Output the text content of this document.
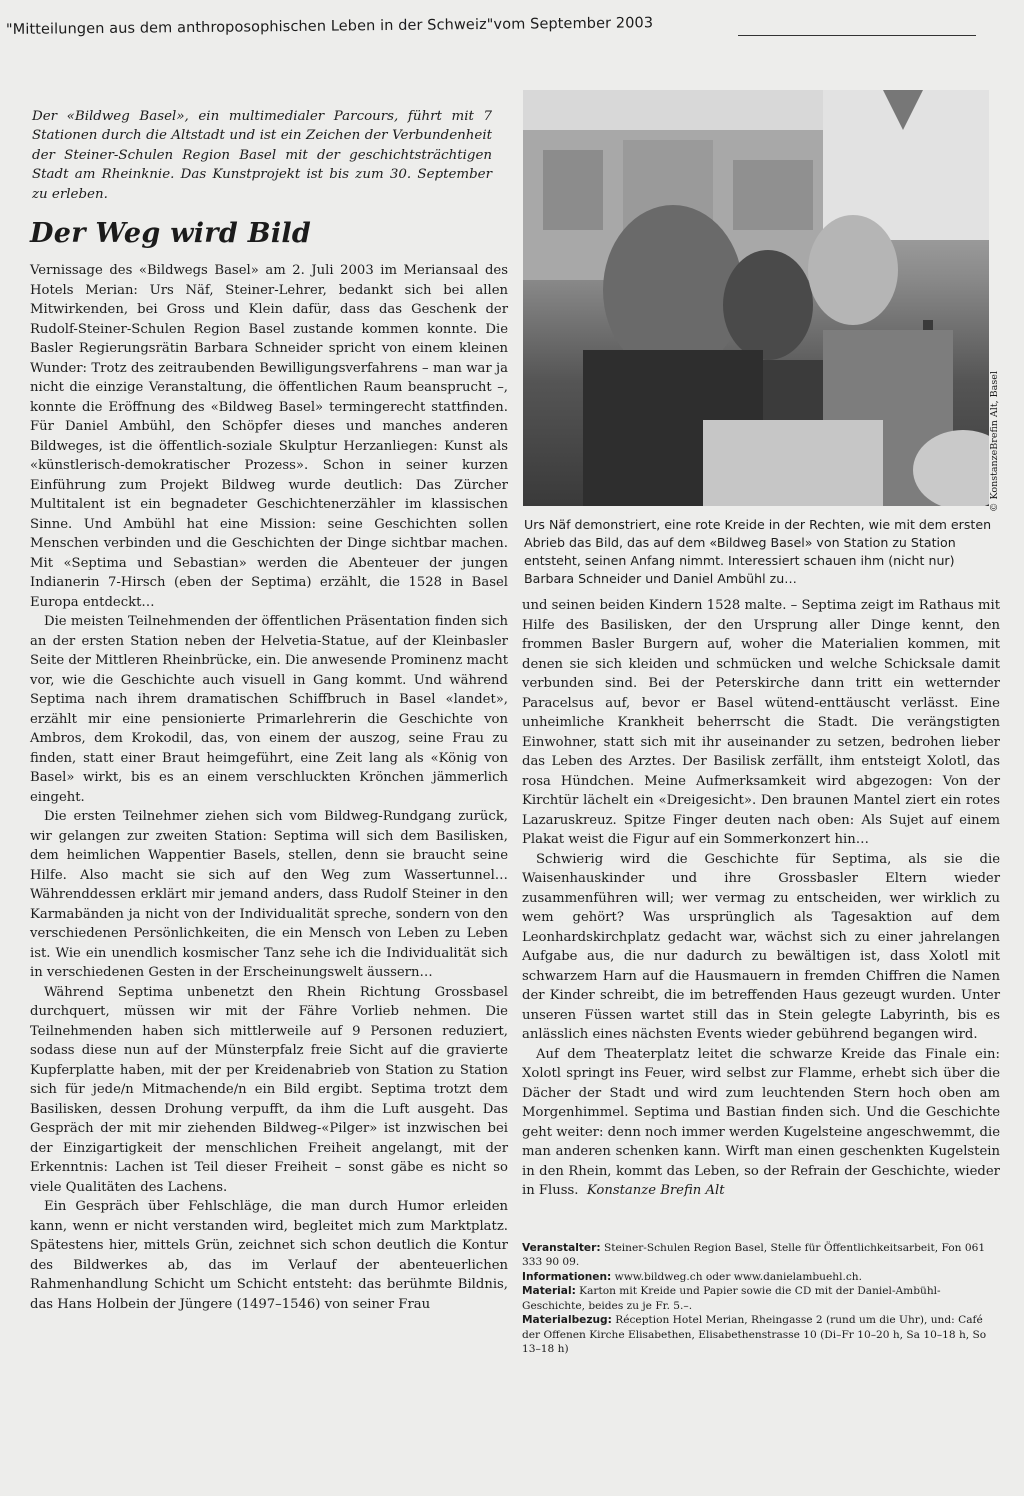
"Mitteilungen aus dem anthroposophischen Leben in der Schweiz"vom September 2003
Der «Bildweg Basel», ein multimedialer Parcours, führt mit 7 Stationen durch die Altstadt und ist ein Zeichen der Verbundenheit der Steiner-Schulen Region Basel mit der geschichtsträchtigen Stadt am Rheinknie. Das Kunstprojekt ist bis zum 30. September zu erleben.
Der Weg wird Bild

Vernissage des «Bildwegs Basel» am 2. Juli 2003 im Meriansaal des Hotels Merian: Urs Näf, Steiner-Lehrer, bedankt sich bei allen Mitwirkenden, bei Gross und Klein dafür, dass das Geschenk der Rudolf-Steiner-Schulen Region Basel zustande kommen konnte. Die Basler Regierungsrätin Barbara Schneider spricht von einem kleinen Wunder: Trotz des zeitraubenden Bewilligungsverfahrens – man war ja nicht die einzige Veranstaltung, die öffentlichen Raum beansprucht –, konnte die Eröffnung des «Bildweg Basel» termingerecht stattfinden. Für Daniel Ambühl, den Schöpfer dieses und manches anderen Bildweges, ist die öffentlich-soziale Skulptur Herzanliegen: Kunst als «künstlerisch-demokratischer Prozess». Schon in seiner kurzen Einführung zum Projekt Bildweg wurde deutlich: Das Zürcher Multitalent ist ein begnadeter Geschichtenerzähler im klassischen Sinne. Und Ambühl hat eine Mission: seine Geschichten sollen Menschen verbinden und die Geschichten der Dinge sichtbar machen. Mit «Septima und Sebastian» werden die Abenteuer der jungen Indianerin 7-Hirsch (eben der Septima) erzählt, die 1528 in Basel Europa entdeckt…

Die meisten Teilnehmenden der öffentlichen Präsentation finden sich an der ersten Station neben der Helvetia-Statue, auf der Kleinbasler Seite der Mittleren Rheinbrücke, ein. Die anwesende Prominenz macht vor, wie die Geschichte auch visuell in Gang kommt. Und während Septima nach ihrem dramatischen Schiffbruch in Basel «landet», erzählt mir eine pensionierte Primarlehrerin die Geschichte von Ambros, dem Krokodil, das, von einem der auszog, seine Frau zu finden, statt einer Braut heimgeführt, eine Zeit lang als «König von Basel» wirkt, bis es an einem verschluckten Krönchen jämmerlich eingeht.

Die ersten Teilnehmer ziehen sich vom Bildweg-Rundgang zurück, wir gelangen zur zweiten Station: Septima will sich dem Basilisken, dem heimlichen Wappentier Basels, stellen, denn sie braucht seine Hilfe. Also macht sie sich auf den Weg zum Wassertunnel… Währenddessen erklärt mir jemand anders, dass Rudolf Steiner in den Karmabänden ja nicht von der Individualität spreche, sondern von den verschiedenen Persönlichkeiten, die ein Mensch von Leben zu Leben ist. Wie ein unendlich kosmischer Tanz sehe ich die Individualität sich in verschiedenen Gesten in der Erscheinungswelt äussern…

Während Septima unbenetzt den Rhein Richtung Grossbasel durchquert, müssen wir mit der Fähre Vorlieb nehmen. Die Teilnehmenden haben sich mittlerweile auf 9 Personen reduziert, sodass diese nun auf der Münsterpfalz freie Sicht auf die gravierte Kupferplatte haben, mit der per Kreidenabrieb von Station zu Station sich für jede/n Mitmachende/n ein Bild ergibt. Septima trotzt dem Basilisken, dessen Drohung verpufft, da ihm die Luft ausgeht. Das Gespräch der mit mir ziehenden Bildweg-«Pilger» ist inzwischen bei der Einzigartigkeit der menschlichen Freiheit angelangt, mit der Erkenntnis: Lachen ist Teil dieser Freiheit – sonst gäbe es nicht so viele Qualitäten des Lachens.

Ein Gespräch über Fehlschläge, die man durch Humor erleiden kann, wenn er nicht verstanden wird, begleitet mich zum Marktplatz. Spätestens hier, mittels Grün, zeichnet sich schon deutlich die Kontur des Bildwerkes ab, das im Verlauf der abenteuerlichen Rahmenhandlung Schicht um Schicht entsteht: das berühmte Bildnis, das Hans Holbein der Jüngere (1497–1546) von seiner Frau

Urs Näf demonstriert, eine rote Kreide in der Rechten, wie mit dem ersten Abrieb das Bild, das auf dem «Bildweg Basel» von Station zu Station entsteht, seinen Anfang nimmt. Interessiert schauen ihm (nicht nur) Barbara Schneider und Daniel Ambühl zu…

und seinen beiden Kindern 1528 malte. – Septima zeigt im Rathaus mit Hilfe des Basilisken, der den Ursprung aller Dinge kennt, den frommen Basler Burgern auf, woher die Materialien kommen, mit denen sie sich kleiden und schmücken und welche Schicksale damit verbunden sind. Bei der Peterskirche dann tritt ein wetternder Paracelsus auf, bevor er Basel wütend-enttäuscht verlässt. Eine unheimliche Krankheit beherrscht die Stadt. Die verängstigten Einwohner, statt sich mit ihr auseinander zu setzen, bedrohen lieber das Leben des Arztes. Der Basilisk zerfällt, ihm entsteigt Xolotl, das rosa Hündchen. Meine Aufmerksamkeit wird abgezogen: Von der Kirchtür lächelt ein «Dreigesicht». Den braunen Mantel ziert ein rotes Lazaruskreuz. Spitze Finger deuten nach oben: Als Sujet auf einem Plakat weist die Figur auf ein Sommerkonzert hin…

Schwierig wird die Geschichte für Septima, als sie die Waisenhauskinder und ihre Grossbasler Eltern wieder zusammenführen will; wer vermag zu entscheiden, wer wirklich zu wem gehört? Was ursprünglich als Tagesaktion auf dem Leonhardskirchplatz gedacht war, wächst sich zu einer jahrelangen Aufgabe aus, die nur dadurch zu bewältigen ist, dass Xolotl mit schwarzem Harn auf die Hausmauern in fremden Chiffren die Namen der Kinder schreibt, die im betreffenden Haus gezeugt wurden. Unter unseren Füssen wartet still das in Stein gelegte Labyrinth, bis es anlässlich eines nächsten Events wieder gebührend begangen wird.

Auf dem Theaterplatz leitet die schwarze Kreide das Finale ein: Xolotl springt ins Feuer, wird selbst zur Flamme, erhebt sich über die Dächer der Stadt und wird zum leuchtenden Stern hoch oben am Morgenhimmel. Septima und Bastian finden sich. Und die Geschichte geht weiter: denn noch immer werden Kugelsteine angeschwemmt, die man anderen schenken kann. Wirft man einen geschenkten Kugelstein in den Rhein, kommt das Leben, so der Refrain der Geschichte, wieder in Fluss. Konstanze Brefin Alt

Veranstalter: Steiner-Schulen Region Basel, Stelle für Öffentlichkeitsarbeit, Fon 061 333 90 09.

Informationen: www.bildweg.ch oder www.danielambuehl.ch.

Material: Karton mit Kreide und Papier sowie die CD mit der Daniel-Ambühl-Geschichte, beides zu je Fr. 5.–.

Materialbezug: Réception Hotel Merian, Rheingasse 2 (rund um die Uhr), und: Café der Offenen Kirche Elisabethen, Elisabethenstrasse 10 (Di–Fr 10–20 h, Sa 10–18 h, So 13–18 h)

© KonstanzeBrefin Alt, Basel
